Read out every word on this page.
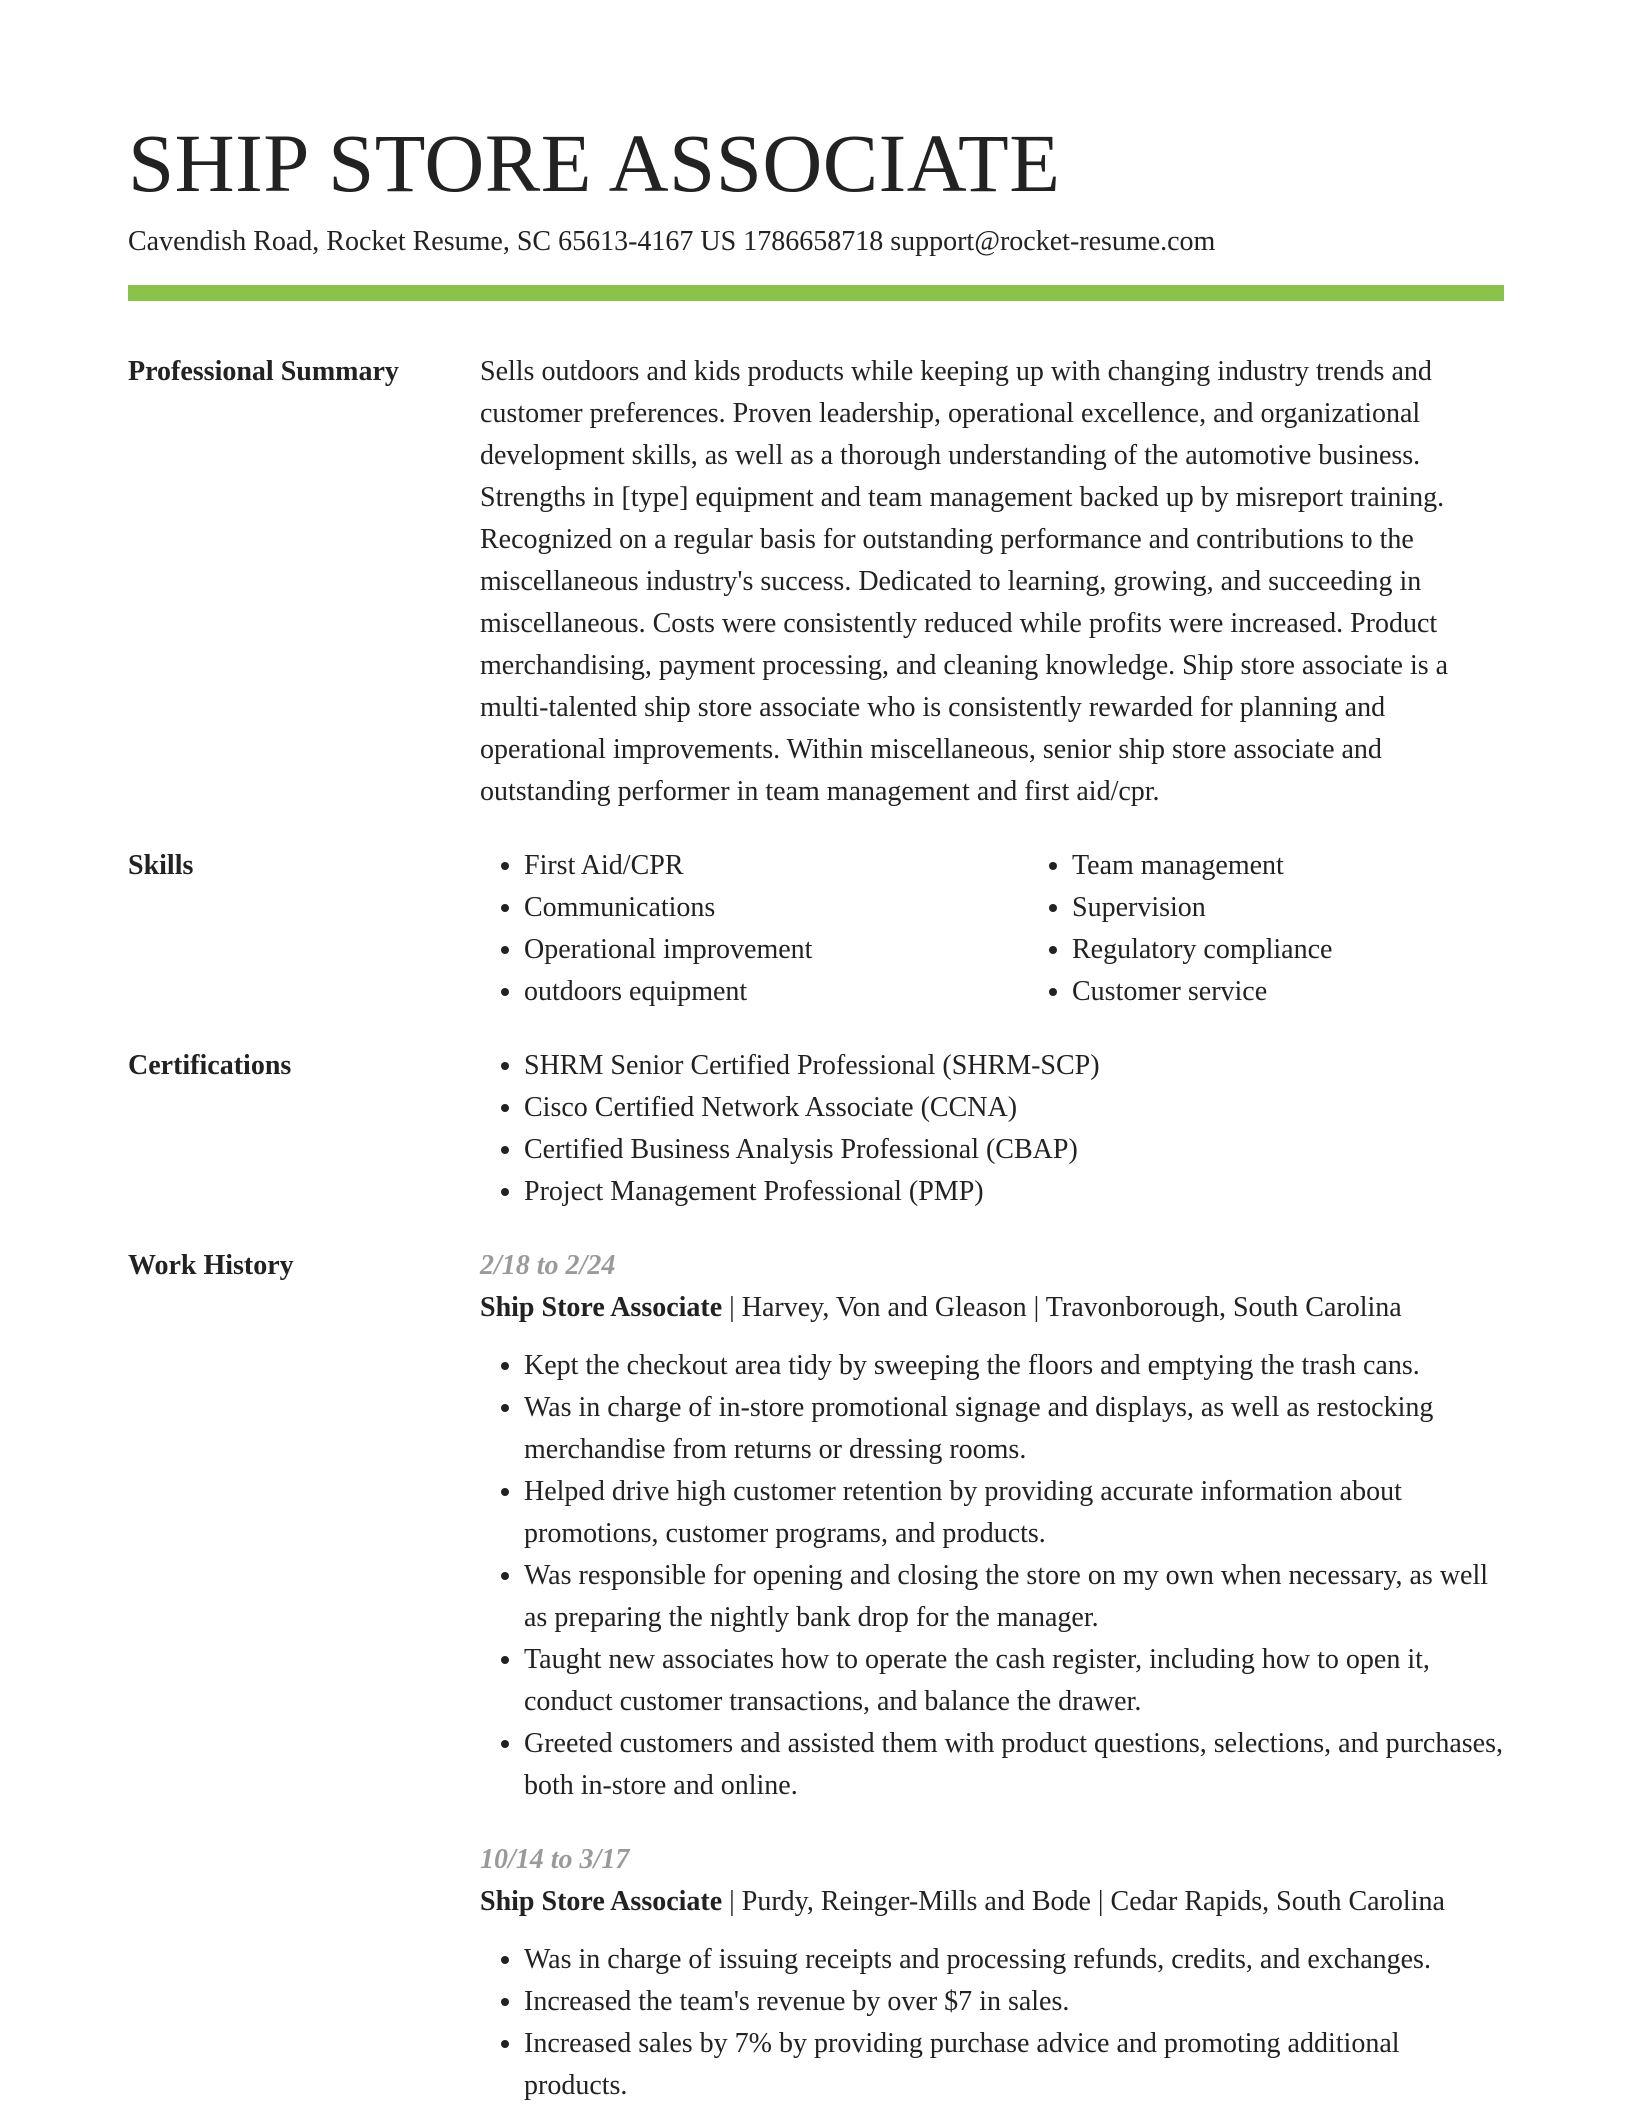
SHIP STORE ASSOCIATE
Cavendish Road, Rocket Resume, SC 65613-4167 US 1786658718 support@rocket-resume.com
Professional Summary	Sells outdoors and kids products while keeping up with changing industry trends and customer preferences. Proven leadership, operational excellence, and organizational development skills, as well as a thorough understanding of the automotive business. Strengths in [type] equipment and team management backed up by misreport training. Recognized on a regular basis for outstanding performance and contributions to the miscellaneous industry's success. Dedicated to learning, growing, and succeeding in miscellaneous. Costs were consistently reduced while profits were increased. Product merchandising, payment processing, and cleaning knowledge. Ship store associate is a multi-talented ship store associate who is consistently rewarded for planning and operational improvements. Within miscellaneous, senior ship store associate and outstanding performer in team management and first aid/cpr.

Skills	• First Aid/CPR
• Communications
• Operational improvement
• outdoors equipment
• Team management
• Supervision
• Regulatory compliance
• Customer service
Certifications	• SHRM Senior Certified Professional (SHRM-SCP)
• Cisco Certified Network Associate (CCNA)
• Certified Business Analysis Professional (CBAP)
• Project Management Professional (PMP)
Work History	2/18 to 2/24
Ship Store Associate | Harvey, Von and Gleason | Travonborough, South Carolina
• Kept the checkout area tidy by sweeping the floors and emptying the trash cans.
• Was in charge of in-store promotional signage and displays, as well as restocking merchandise from returns or dressing rooms.
• Helped drive high customer retention by providing accurate information about promotions, customer programs, and products.
• Was responsible for opening and closing the store on my own when necessary, as well as preparing the nightly bank drop for the manager.
• Taught new associates how to operate the cash register, including how to open it, conduct customer transactions, and balance the drawer.
• Greeted customers and assisted them with product questions, selections, and purchases, both in-store and online.
10/14 to 3/17
Ship Store Associate | Purdy, Reinger-Mills and Bode | Cedar Rapids, South Carolina
• Was in charge of issuing receipts and processing refunds, credits, and exchanges.
• Increased the team's revenue by over $7 in sales.
• Increased sales by 7% by providing purchase advice and promoting additional products.
